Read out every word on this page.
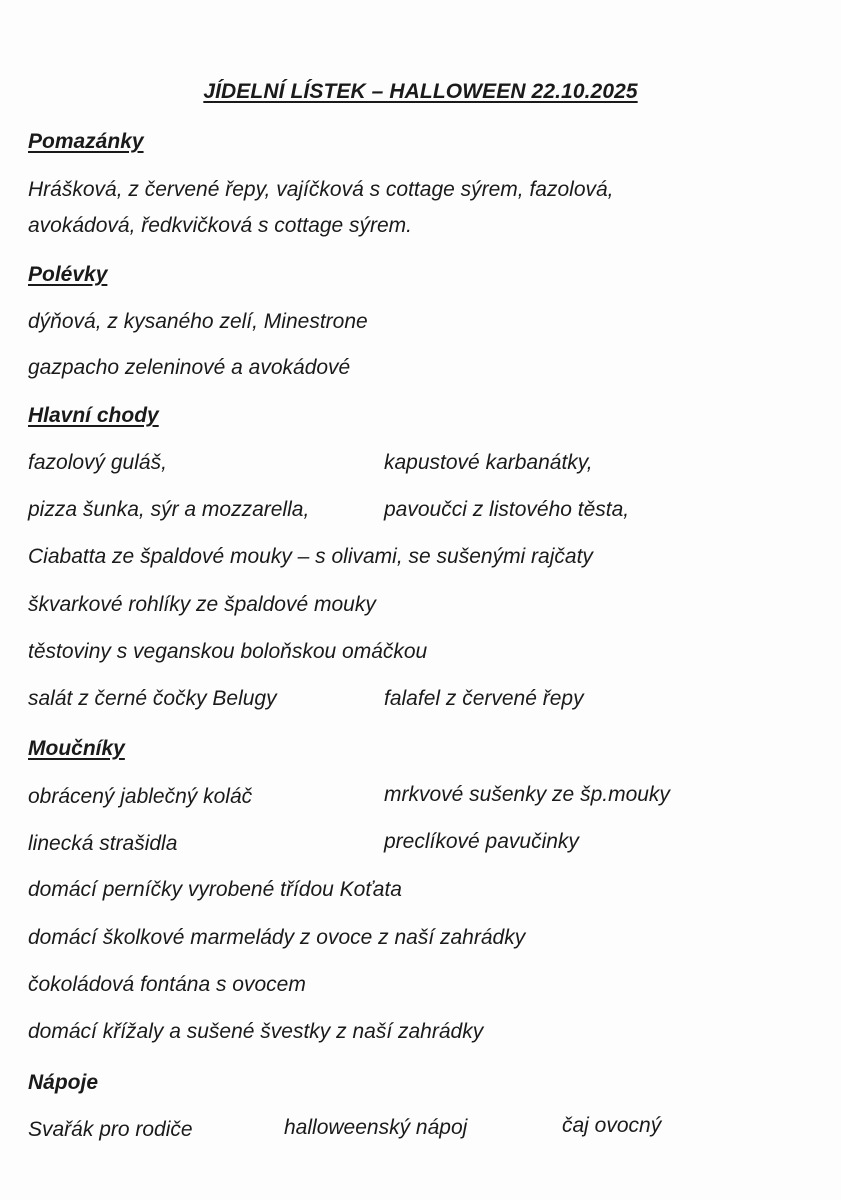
JÍDELNÍ LÍSTEK – HALLOWEEN 22.10.2025
Pomazánky
Hrášková, z červené řepy, vajíčková s cottage sýrem, fazolová,
avokádová, ředkvičková s cottage sýrem.
Polévky
dýňová, z kysaného zelí, Minestrone
gazpacho zeleninové a avokádové
Hlavní chody
fazolový guláš,	kapustové karbanátky,
pizza šunka, sýr a mozzarella,	pavoučci z listového těsta,
Ciabatta ze špaldové mouky – s olivami, se sušenými rajčaty
škvarkové rohlíky ze špaldové mouky
těstoviny s veganskou boloňskou omáčkou
salát z černé čočky Belugy	falafel z červené řepy
Moučníky
obrácený jablečný koláč	mrkvové sušenky ze šp.mouky
linecká strašidla	preclíkové pavučinky
domácí perníčky vyrobené třídou Koťata
domácí školkové marmelády z ovoce z naší zahrádky
čokoládová fontána s ovocem
domácí křížaly a sušené švestky z naší zahrádky
Nápoje
Svařák pro rodiče	halloweenský nápoj	čaj ovocný
